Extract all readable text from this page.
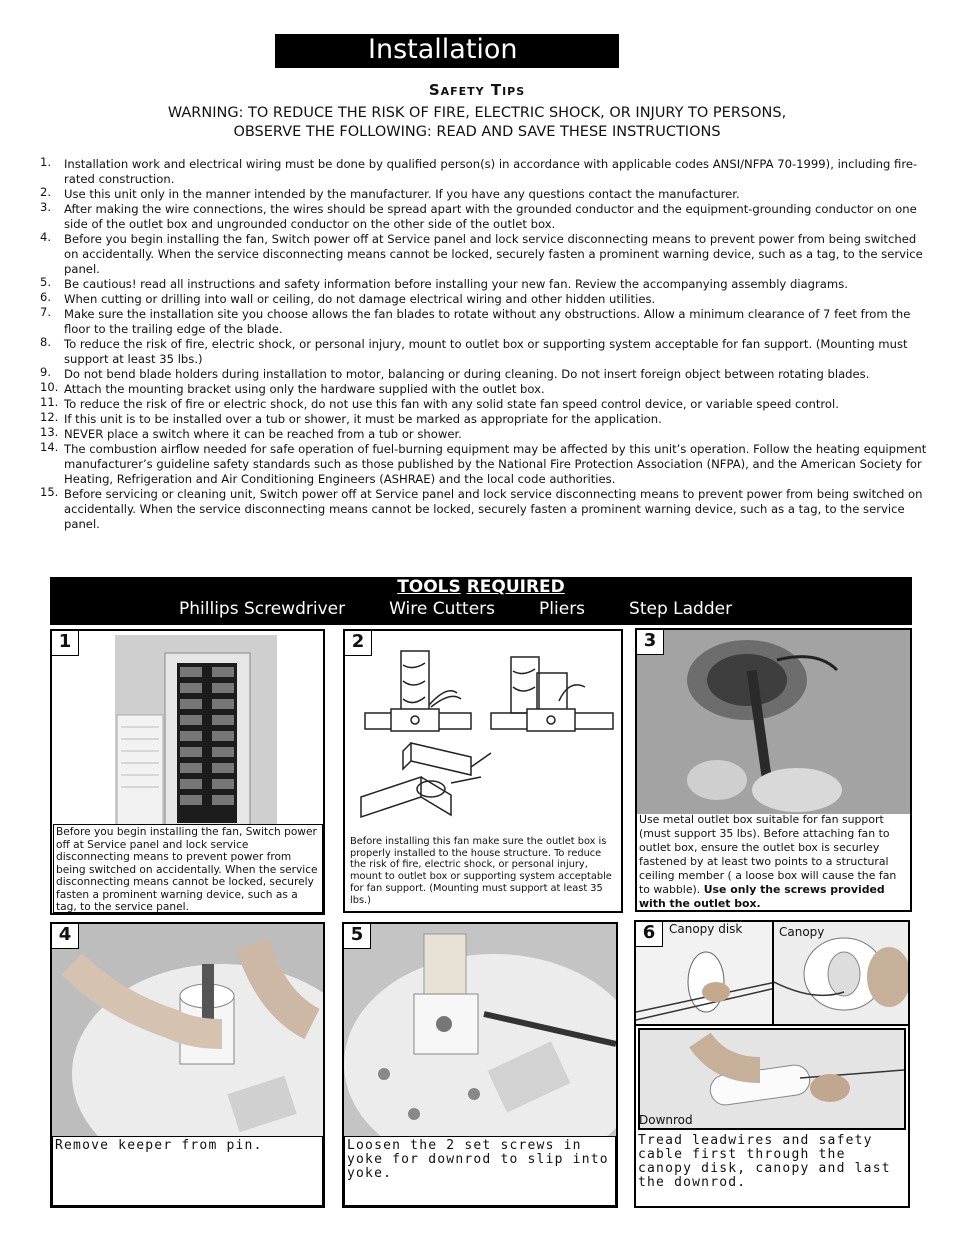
Installation
Safety Tips
WARNING: TO REDUCE THE RISK OF FIRE, ELECTRIC SHOCK, OR INJURY TO PERSONS,
OBSERVE THE FOLLOWING: READ AND SAVE THESE INSTRUCTIONS
1. Installation work and electrical wiring must be done by qualified person(s) in accordance with applicable codes ANSI/NFPA 70-1999), including fire-rated construction.
2. Use this unit only in the manner intended by the manufacturer. If you have any questions contact the manufacturer.
3. After making the wire connections, the wires should be spread apart with the grounded conductor and the equipment-grounding conductor on one side of the outlet box and ungrounded conductor on the other side of the outlet box.
4. Before you begin installing the fan, Switch power off at Service panel and lock service disconnecting means to prevent power from being switched on accidentally. When the service disconnecting means cannot be locked, securely fasten a prominent warning device, such as a tag, to the service panel.
5. Be cautious! read all instructions and safety information before installing your new fan. Review the accompanying assembly diagrams.
6. When cutting or drilling into wall or ceiling, do not damage electrical wiring and other hidden utilities.
7. Make sure the installation site you choose allows the fan blades to rotate without any obstructions. Allow a minimum clearance of 7 feet from the floor to the trailing edge of the blade.
8. To reduce the risk of fire, electric shock, or personal injury, mount to outlet box or supporting system acceptable for fan support. (Mounting must support at least 35 lbs.)
9. Do not bend blade holders during installation to motor, balancing or during cleaning. Do not insert foreign object between rotating blades.
10. Attach the mounting bracket using only the hardware supplied with the outlet box.
11. To reduce the risk of fire or electric shock, do not use this fan with any solid state fan speed control device, or variable speed control.
12. If this unit is to be installed over a tub or shower, it must be marked as appropriate for the application.
13. NEVER place a switch where it can be reached from a tub or shower.
14. The combustion airflow needed for safe operation of fuel-burning equipment may be affected by this unit’s operation. Follow the heating equipment manufacturer’s guideline safety standards such as those published by the National Fire Protection Association (NFPA), and the American Society for Heating, Refrigeration and Air Conditioning Engineers (ASHRAE) and the local code authorities.
15. Before servicing or cleaning unit, Switch power off at Service panel and lock service disconnecting means to prevent power from being switched on accidentally. When the service disconnecting means cannot be locked, securely fasten a prominent warning device, such as a tag, to the service panel.
TOOLS REQUIRED
Phillips Screwdriver	Wire Cutters	Pliers	Step Ladder
1
Before you begin installing the fan, Switch power off at Service panel and lock service disconnecting means to prevent power from being switched on accidentally. When the service disconnecting means cannot be locked, securely fasten a prominent warning device, such as a tag, to the service panel.
2
Before installing this fan make sure the outlet box is properly installed to the house structure. To reduce the risk of fire, electric shock, or personal injury, mount to outlet box or supporting system acceptable for fan support. (Mounting must support at least 35 lbs.)
3
Use metal outlet box suitable for fan support (must support 35 lbs). Before attaching fan to outlet box, ensure the outlet box is securley fastened by at least two points to a structural ceiling member ( a loose box will cause the fan to wabble). Use only the screws provided with the outlet box.
4
Remove keeper from pin.
5
Loosen the 2 set screws in yoke for downrod to slip into yoke.
6	Canopy disk	Canopy
Downrod
Tread leadwires and safety cable first through the canopy disk, canopy and last the downrod.
